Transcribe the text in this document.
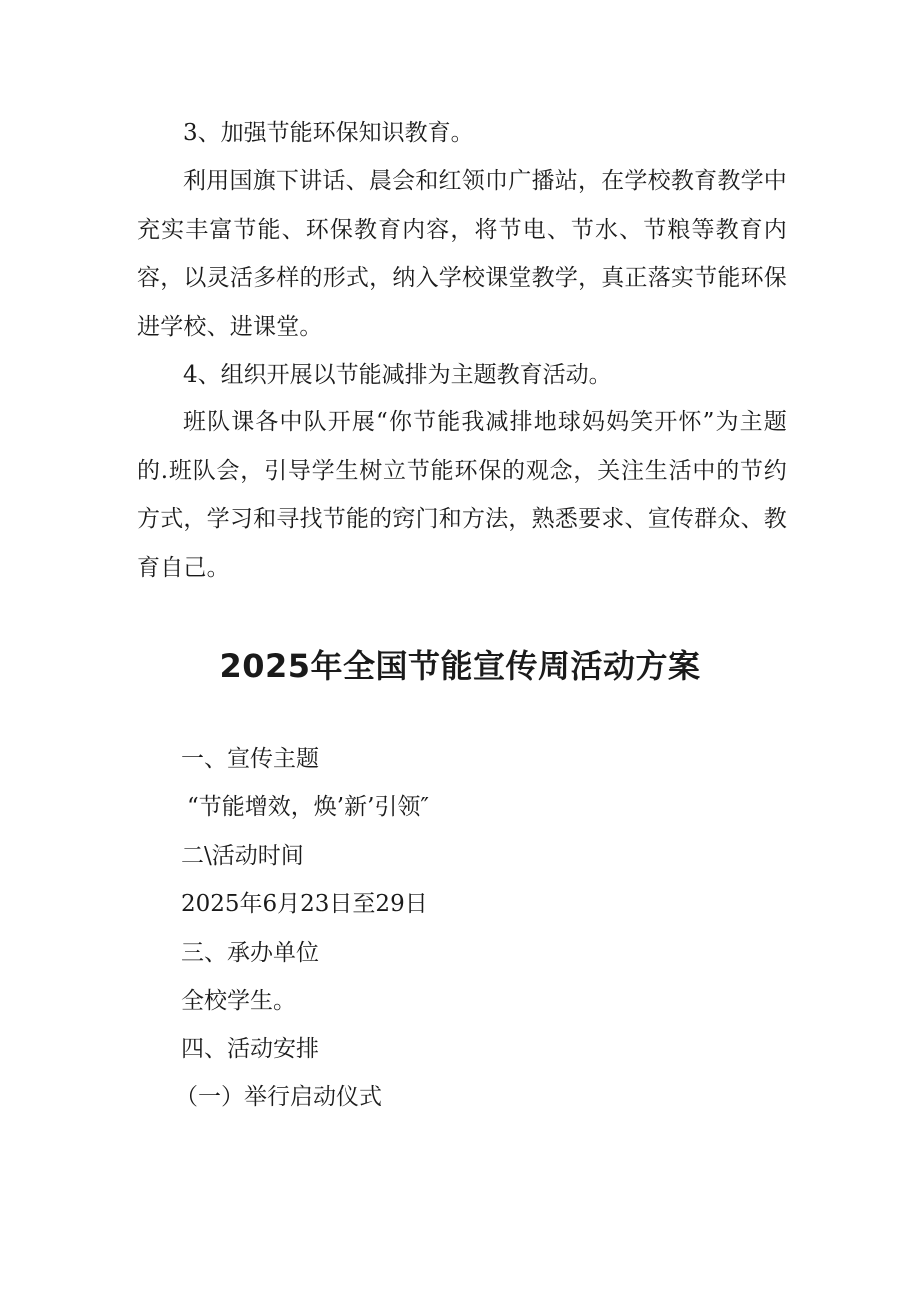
3、加强节能环保知识教育。

利用国旗下讲话、晨会和红领巾广播站，在学校教育教学中充实丰富节能、环保教育内容，将节电、节水、节粮等教育内容，以灵活多样的形式，纳入学校课堂教学，真正落实节能环保进学校、进课堂。

4、组织开展以节能减排为主题教育活动。

班队课各中队开展“你节能我减排地球妈妈笑开怀”为主题的.班队会，引导学生树立节能环保的观念，关注生活中的节约方式，学习和寻找节能的窍门和方法，熟悉要求、宣传群众、教育自己。

2025年全国节能宣传周活动方案

一、宣传主题

“节能增效，焕’新’引领″

二\活动时间

2025年6月23日至29日

三、承办单位

全校学生。

四、活动安排

（一）举行启动仪式
